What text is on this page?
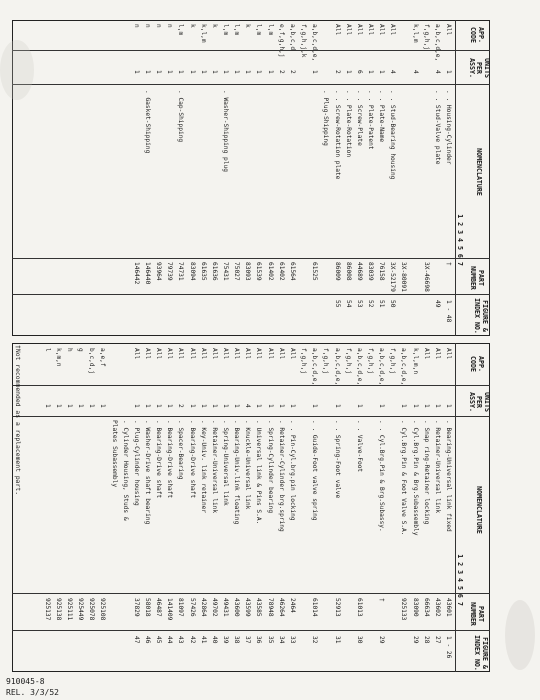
FIGURE &
INDEX NO.
PART
NUMBER
NOMENCLATURE
1 2 3 4 5 6 7
UNITS
PER
ASSY.
APP.
CODE
FIGURE &
INDEX NO.
PART
NUMBER
NOMENCLATURE
1 2 3 4 5 6 7
UNITS
PER
ASSY.
APP.
CODE
1 - 26
43601
. Bearing-Universal link fixed
1
All
27
43602
. Retainer-Universal link
1
All
28
66634
. Snap ring-Retainer locking
1
All
29
83090
. Cyl.Brg.Pin & Brg.Subassembly
1
k,l,m,n
925133
. Cyl.Brg.Pin & Foot Valve S.A.
1
a,b,c,d,e,
f,g,h,j
29
†
. . Cyl.Brg.Pin & Brg.Subassy.
1
a,b,c,d,e,
f,g,h,j
30
61013
. . Valve-Foot
1
a,b,c,d,e,
f,g,h,j
31
52913
. . Spring-Foot valve
1
a,b,c,d,e,
f,g,h,j
32
61014
. . Guide-Foot valve spring
1
a,b,c,d,e,
f,g,h,j
33
2464
. . Pin-Cyl.brg.pin locking
1
All
34
46264
. Retainer-Cylinder brg.spring
1
All
35
78948
. Spring-Cylinder bearing
1
All
36
43585
. Universal link & Pins S.A.
1
All
37
43599
. Knuckle-Universal link
4
All
38
43600
. Bearing-Univ.link floating
1
All
39
49431
. Spring-Universal link
1
All
40
49702
. Retainer-Universal link
1
All
41
42864
. Key-Univ. link retainer
1
All
42
57426
. Bearing-Drive shaft
1
All
43
81097
. Spacer-Bearing
2
All
44
141409
. Bearing-Drive shaft
1
All
45
46487
. Bearing-Drive shaft
1
All
46
58018
. Washer-Drive shaft bearing
1
All
47
37829
. Plug-Cylinder housing
1
All
. Cylinder Housing, Studs &
Plates Subassembly
925108
1
a,e,f
925078
1
b,c,d,j
925449
1
g
925111
1
h
925138
1
k,m,n
925137
1
l
1 - 48
†
. . Housing-Cylinder
1
All
49
. . Stud-Valve plate
4
a,b,c,d,e,
3X-46698
f,g,h,j
4
k,l,m
3X-80091
50
3X-52179
. . Stud-Bearing housing
4
All
51
76158
. . Plate-Name
1
All
52
83039
. . Plate-Patent
1
All
53
44689
. . Screw-Plate
6
All
54
86008
. . Plate-Rotation
1
All
55
86009
. . Screw-Rotation plate
2
All
. Plug-Shipping
61525
1
a,b,c,d,e,
f,g,h,j,k
61564
2
a,b,c,d
61402
2
e,f,g,h,j
61402
1
l,m
61539
1
l,m
83093
1
k
75027
1
l,m
75431
. Washer-Shipping plug
1
l,m
61636
1
k
61635
1
k,l,m
83094
1
k
74731
. Cap-Shipping
1
l,m
79739
1
n
93964
1
n
146440
. Gasket-Shipping
1
n
146442
1
n
†Not recommended as a replacement part.
910045-8
REL. 3/3/52
